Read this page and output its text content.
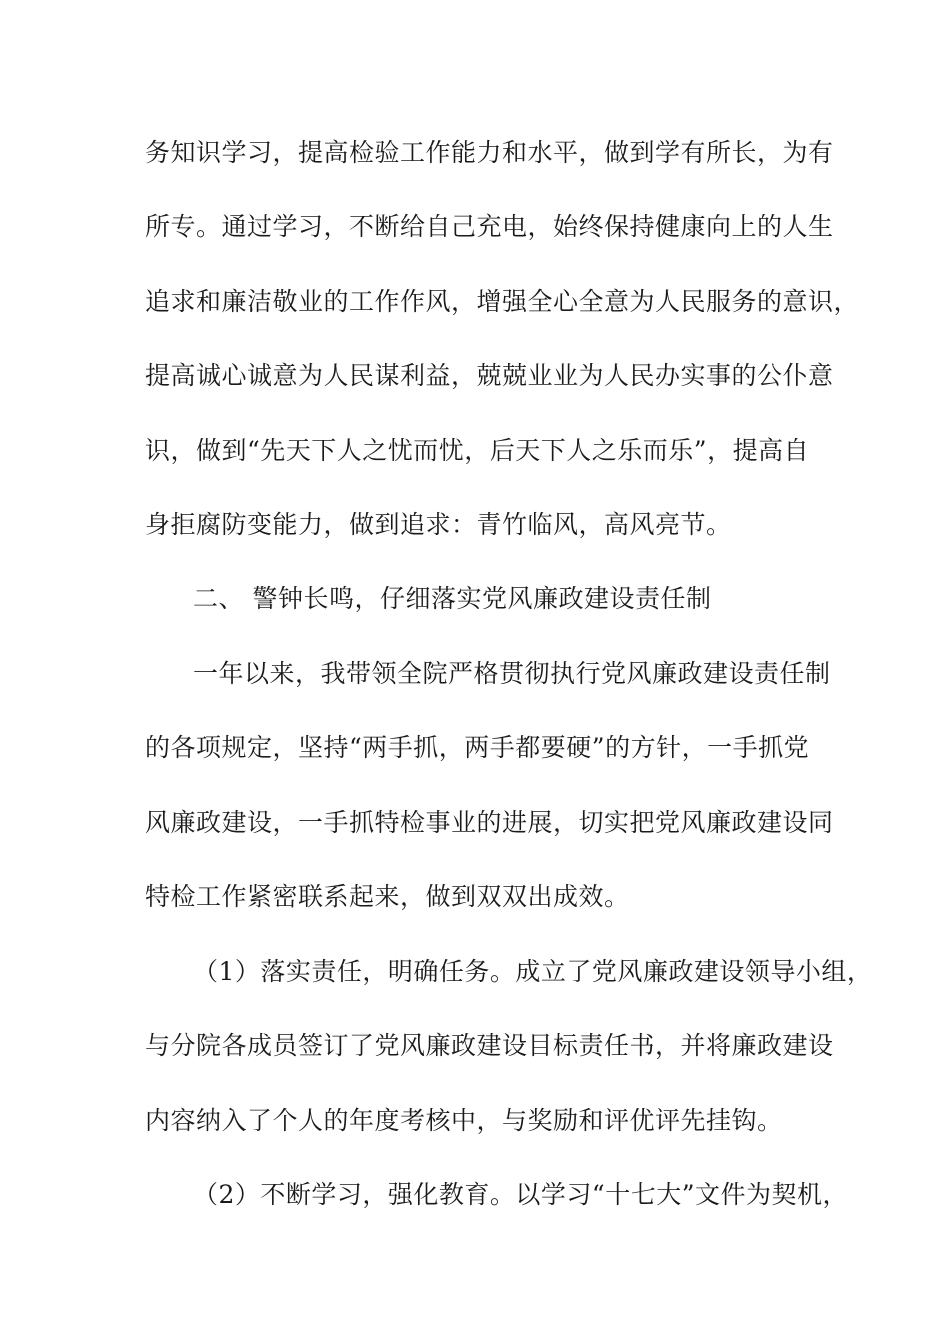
务知识学习，提高检验工作能力和水平，做到学有所长，为有
所专。通过学习，不断给自己充电，始终保持健康向上的人生
追求和廉洁敬业的工作作风，增强全心全意为人民服务的意识，
提高诚心诚意为人民谋利益，兢兢业业为人民办实事的公仆意
识，做到“先天下人之忧而忧，后天下人之乐而乐”，提高自
身拒腐防变能力，做到追求：青竹临风，高风亮节。
二、 警钟长鸣，仔细落实党风廉政建设责任制
一年以来，我带领全院严格贯彻执行党风廉政建设责任制
的各项规定，坚持“两手抓，两手都要硬”的方针，一手抓党
风廉政建设，一手抓特检事业的进展，切实把党风廉政建设同
特检工作紧密联系起来，做到双双出成效。
（1）落实责任，明确任务。成立了党风廉政建设领导小组，
与分院各成员签订了党风廉政建设目标责任书，并将廉政建设
内容纳入了个人的年度考核中，与奖励和评优评先挂钩。
（2）不断学习，强化教育。以学习“十七大”文件为契机，
